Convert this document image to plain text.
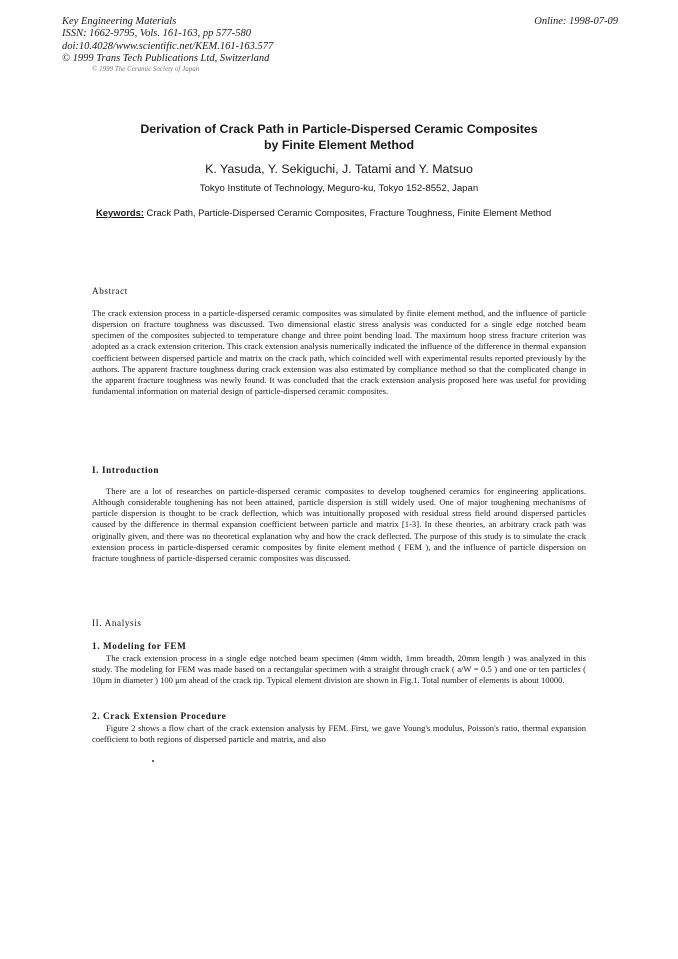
Key Engineering Materials
ISSN: 1662-9795, Vols. 161-163, pp 577-580
doi:10.4028/www.scientific.net/KEM.161-163.577
© 1999 Trans Tech Publications Ltd, Switzerland
© 1999 The Ceramic Society of Japan
Online: 1998-07-09
Derivation of Crack Path in Particle-Dispersed Ceramic Composites
by Finite Element Method
K. Yasuda, Y. Sekiguchi, J. Tatami and Y. Matsuo
Tokyo Institute of Technology, Meguro-ku, Tokyo 152-8552, Japan
Keywords: Crack Path, Particle-Dispersed Ceramic Composites, Fracture Toughness, Finite Element Method
Abstract
The crack extension process in a particle-dispersed ceramic composites was simulated by finite element method, and the influence of particle dispersion on fracture toughness was discussed. Two dimensional elastic stress analysis was conducted for a single edge notched beam specimen of the composites subjected to temperature change and three point bending load. The maximum hoop stress fracture criterion was adopted as a crack extension criterion. This crack extension analysis numerically indicated the influence of the difference in thermal expansion coefficient between dispersed particle and matrix on the crack path, which coincided well with experimental results reported previously by the authors. The apparent fracture toughness during crack extension was also estimated by compliance method so that the complicated change in the apparent fracture toughness was newly found. It was concluded that the crack extension analysis proposed here was useful for providing fundamental information on material design of particle-dispersed ceramic composites.
I. Introduction
There are a lot of researches on particle-dispersed ceramic composites to develop toughened ceramics for engineering applications. Although considerable toughening has not been attained, particle dispersion is still widely used. One of major toughening mechanisms of particle dispersion is thought to be crack deflection, which was intuitionally proposed with residual stress field around dispersed particles caused by the difference in thermal expansion coefficient between particle and matrix [1-3]. In these theories, an arbitrary crack path was originally given, and there was no theoretical explanation why and how the crack deflected. The purpose of this study is to simulate the crack extension process in particle-dispersed ceramic composites by finite element method ( FEM ), and the influence of particle dispersion on fracture toughness of particle-dispersed ceramic composites was discussed.
II. Analysis
1. Modeling for FEM
The crack extension process in a single edge notched beam specimen (4mm width, 1mm breadth, 20mm length ) was analyzed in this study. The modeling for FEM was made based on a rectangular specimen with a straight through crack ( a/W = 0.5 ) and one or ten particles ( 10μm in diameter ) 100 μm ahead of the crack tip. Typical element division are shown in Fig.1. Total number of elements is about 10000.
2. Crack Extension Procedure
Figure 2 shows a flow chart of the crack extension analysis by FEM. First, we gave Young's modulus, Poisson's ratio, thermal expansion coefficient to both regions of dispersed particle and matrix, and also
